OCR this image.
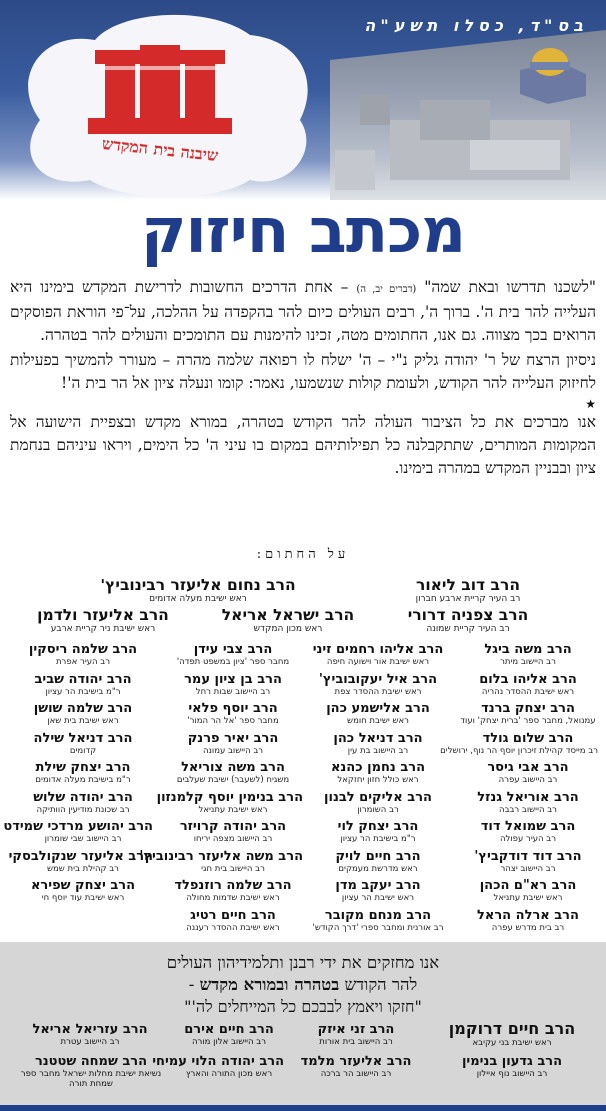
שיבנה בית המקדש
בס"ד, כסלו תשע"ה
מכתב חיזוק

"לשכנו תדרשו ובאת שמה" (דברים יב, ה) – אחת הדרכים החשובות לדרישת המקדש בימינו היא העלייה להר בית ה'. ברוך ה', רבים העולים כיום להר בהקפדה על ההלכה, על־פי הוראת הפוסקים הרואים בכך מצווה. גם אנו, החתומים מטה, זכינו להימנות עם התומכים והעולים להר בטהרה.

ניסיון הרצח של ר' יהודה גליק נ"י – ה' ישלח לו רפואה שלמה מהרה – מעורר להמשיך בפעילות לחיזוק העלייה להר הקודש, ולעומת קולות שנשמעו, נאמר: קומו ונעלה ציון אל הר בית ה'!

★

אנו מברכים את כל הציבור העולה להר הקודש בטהרה, במורא מקדש ובצפיית הישועה אל המקומות המותרים, שתתקבלנה כל תפילותיהם במקום בו עיני ה' כל הימים, ויראו עיניהם בנחמת ציון ובבניין המקדש במהרה בימינו.

על החתום:
הרב דוב ליאור
רב העיר קריית ארבע חברון
הרב נחום אליעזר רבינוביץ'
ראש ישיבת מעלה אדומים
הרב צפניה דרורי
רב העיר קריית שמונה
הרב ישראל אריאל
ראש מכון המקדש
הרב אליעזר ולדמן
ראש ישיבת ניר קריית ארבע
הרב משה ביגל
רב היישוב מיתר
הרב אליהו בלום
ראש ישיבת ההסדר נהריה
הרב יצחק ברנד
עמנואל, מחבר ספר 'ברית יצחק' ועוד
הרב שלום גולד
רב מייסד קהילת זיכרון יוסף הר נוף, ירושלים
הרב אבי גיסר
רב היישוב עפרה
הרב אוריאל גנזל
רב היישוב רבבה
הרב שמואל דוד
רב העיר עפולה
הרב דוד דודקביץ'
רב היישוב יצהר
הרב רא"ם הכהן
ראש ישיבת עתניאל
הרב ארלה הראל
רב בית מדרש עפרה
הרב אליהו רחמים זיני
ראש ישיבת אור וישועה חיפה
הרב איל יעקובוביץ'
ראש ישיבת ההסדר צפת
הרב אלישמע כהן
ראש ישיבת חומש
הרב דניאל כהן
רב היישוב בת עין
הרב נחמן כהנא
ראש כולל חזון יחזקאל
הרב אליקים לבנון
רב השומרון
הרב יצחק לוי
ר"מ בישיבת הר עציון
הרב חיים לויק
ראש מדרשת מעמקים
הרב יעקב מדן
ראש ישיבת הר עציון
הרב מנחם מקובר
רב אורנית ומחבר ספרי 'דרך הקודש'
הרב צבי עידן
מחבר ספר 'ציון במשפט תפדה'
הרב בן ציון עמר
רב היישוב שבות רחל
הרב יוסף פלאי
מחבר ספר 'אל הר המור'
הרב יאיר פרנק
רב היישוב עמונה
הרב משה צוריאל
משגיח (לשעבר) ישיבת שעלבים
הרב בנימין יוסף קלמנזון
ראש ישיבת עתניאל
הרב יהודה קרויזר
רב היישוב מצפה יריחו
הרב משה אליעזר רבינוביץ'
רב היישוב בית חגי
הרב שלמה רוזנפלד
ראש ישיבת שדמות מחולה
הרב חיים רטיג
ראש ישיבת ההסדר רעננה
הרב שלמה ריסקין
רב העיר אפרת
הרב יהודה שביב
ר"מ בישיבת הר עציון
הרב שלמה שושן
ראש ישיבת בית שאן
הרב דניאל שילה
קדומים
הרב יצחק שילת
ר"מ בישיבת מעלה אדומים
הרב יהודה שלוש
רב שכונת מודיעין הוותיקה
הרב יהושע מרדכי שמידט
רב היישוב שבי שומרון
הרב אליעזר שנקולבסקי
רב קהילת בית שמש
הרב יצחק שפירא
ראש ישיבת עוד יוסף חי
אנו מחזקים את ידי רבנן ותלמידיהון העולים
להר הקודש בטהרה ובמורא מקדש -
"חזקו ויאמץ לבבכם כל המייחלים לה'"
הרב חיים דרוקמן
ראש ישיבת בני עקיבא
הרב זני איזק
רב היישוב בית אורות
הרב חיים אירם
רב היישוב אלון מורה
הרב עזריאל אריאל
רב היישוב עטרת
הרב גדעון בנימין
רב היישוב נוף איילון
הרב אליעזר מלמד
רב היישוב הר ברכה
הרב יהודה הלוי עמיחי
ראש מכון התורה והארץ
הרב שמחה שטטנר
נשיאת ישיבת מחלות ישראל מחבר ספר שמחת תורה
